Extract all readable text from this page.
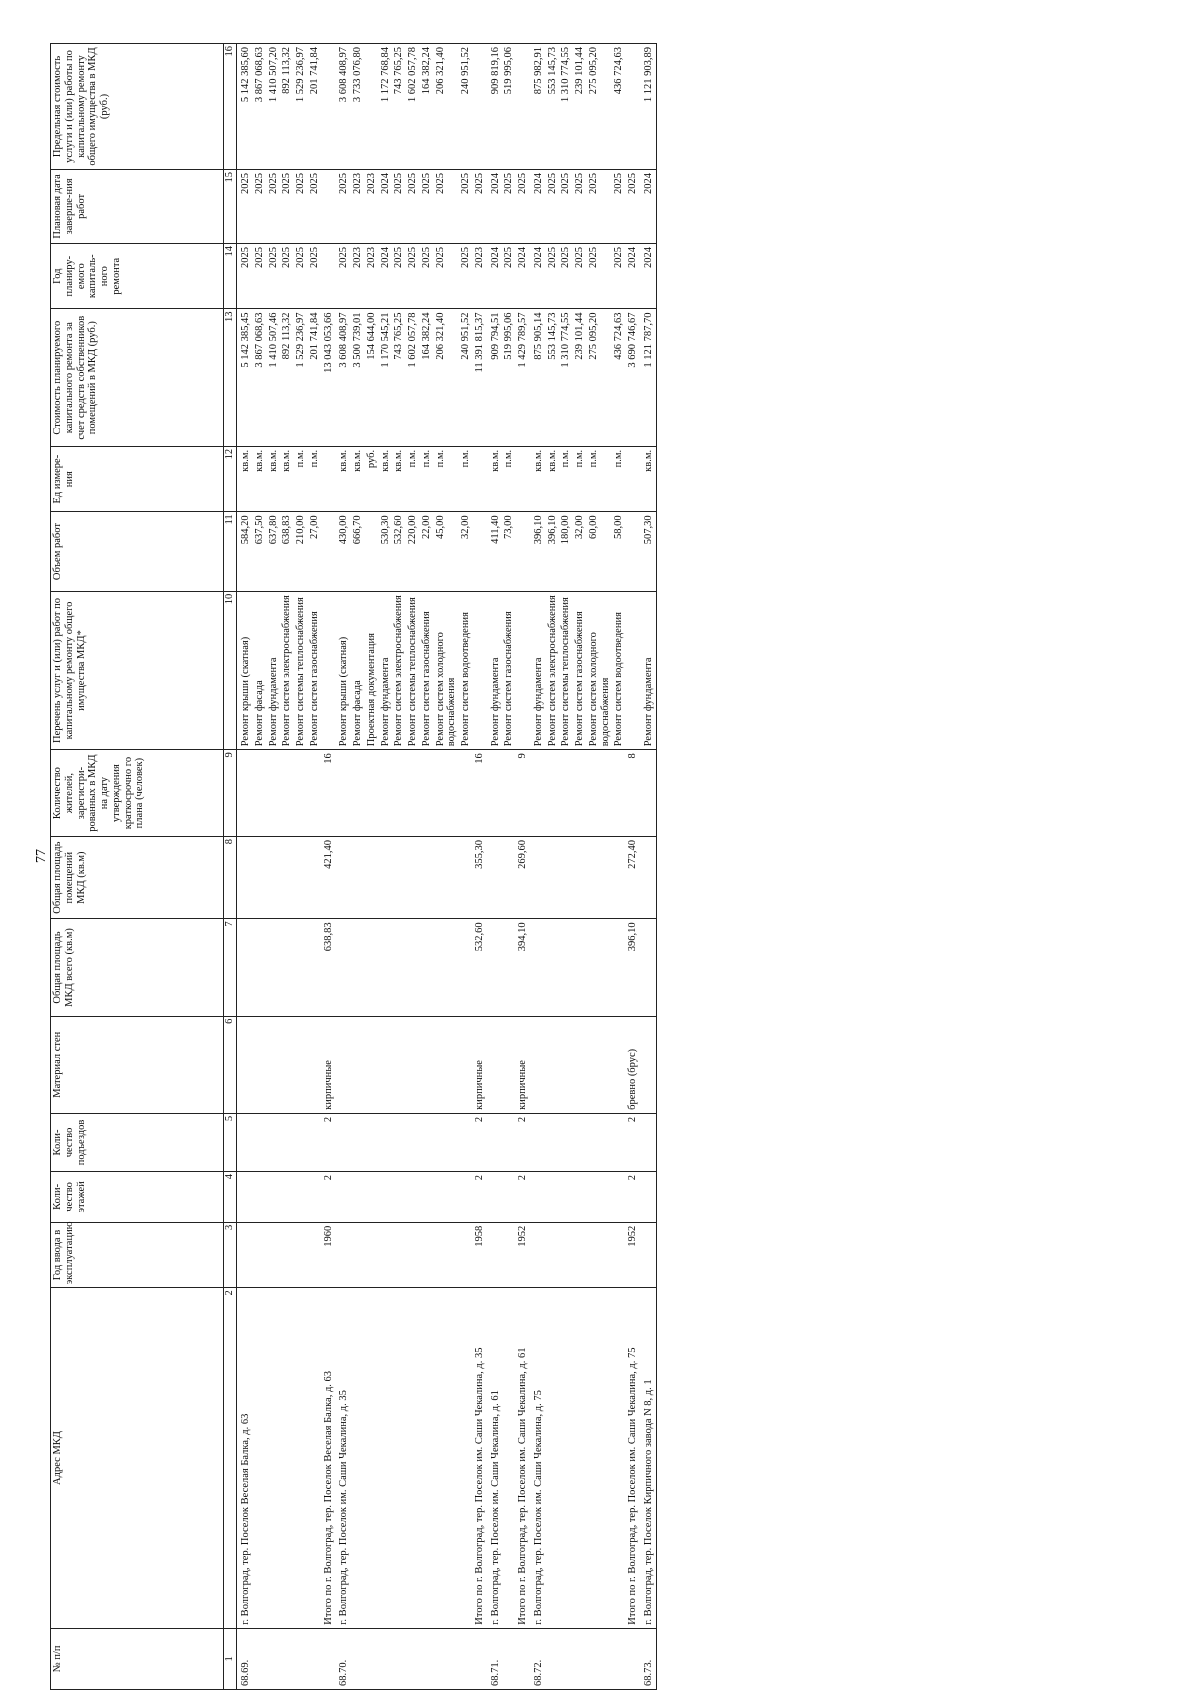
77
№ п/п	Адрес МКД	Год ввода в эксплуатацию	Коли-чество этажей	Коли-чество подъездов	Материал стен	Общая площадь МКД всего (кв.м)	Общая площадь помещений МКД (кв.м)	Количество жителей, зарегистри-рованных в МКД на дату утверждения краткосрочно го плана (человек)	Перечень услуг и (или) работ по капитальному ремонту общего имущества МКД*	Объем работ	Ед измере-ния	Стоимость планируемого капитального ремонта за счет средств собственников помещений в МКД (руб.)	Год планиру-емого капиталь-ного ремонта	Плановая дата заверше-ния работ	Предельная стоимость услуги и (или) работы по капитальному ремонту общего имущества в МКД (руб.)
1	2	3	4	5	6	7	8	9	10	11	12	13	14	15	16
68.69.	г. Волгоград, тер. Поселок Веселая Балка, д. 63								Ремонт крыши (скатная)	584,20	кв.м.	5 142 385,45	2025	2025	5 142 385,60
									Ремонт фасада	637,50	кв.м.	3 867 068,63	2025	2025	3 867 068,63
									Ремонт фундамента	637,80	кв.м.	1 410 507,46	2025	2025	1 410 507,20
									Ремонт систем электроснабжения	638,83	кв.м.	892 113,32	2025	2025	892 113,32
									Ремонт системы теплоснабжения	210,00	п.м.	1 529 236,97	2025	2025	1 529 236,97
									Ремонт систем газоснабжения	27,00	п.м.	201 741,84	2025	2025	201 741,84
	Итого по г. Волгоград, тер. Поселок Веселая Балка, д. 63	1960	2	2	кирпичные	638,83	421,40	16				13 043 053,66			
68.70.	г. Волгоград, тер. Поселок им. Саши Чекалина, д. 35								Ремонт крыши (скатная)	430,00	кв.м.	3 608 408,97	2025	2025	3 608 408,97
									Ремонт фасада	666,70	кв.м.	3 500 739,01	2023	2023	3 733 076,80
									Проектная документация		руб.	154 644,00	2023	2023	
									Ремонт фундамента	530,30	кв.м.	1 170 545,21	2024	2024	1 172 768,84
									Ремонт систем электроснабжения	532,60	кв.м.	743 765,25	2025	2025	743 765,25
									Ремонт системы теплоснабжения	220,00	п.м.	1 602 057,78	2025	2025	1 602 057,78
									Ремонт систем газоснабжения	22,00	п.м.	164 382,24	2025	2025	164 382,24
									Ремонт систем холодного водоснабжения	45,00	п.м.	206 321,40	2025	2025	206 321,40
									Ремонт систем водоотведения	32,00	п.м.	240 951,52	2025	2025	240 951,52
	Итого по г. Волгоград, тер. Поселок им. Саши Чекалина, д. 35	1958	2	2	кирпичные	532,60	355,30	16				11 391 815,37	2023	2025	
68.71.	г. Волгоград, тер. Поселок им. Саши Чекалина, д. 61								Ремонт фундамента	411,40	кв.м.	909 794,51	2024	2024	909 819,16
									Ремонт систем газоснабжения	73,00	п.м.	519 995,06	2025	2025	519 995,06
	Итого по г. Волгоград, тер. Поселок им. Саши Чекалина, д. 61	1952	2	2	кирпичные	394,10	269,60	9				1 429 789,57	2024	2025	
68.72.	г. Волгоград, тер. Поселок им. Саши Чекалина, д. 75								Ремонт фундамента	396,10	кв.м.	875 905,14	2024	2024	875 982,91
									Ремонт систем электроснабжения	396,10	кв.м.	553 145,73	2025	2025	553 145,73
									Ремонт системы теплоснабжения	180,00	п.м.	1 310 774,55	2025	2025	1 310 774,55
									Ремонт систем газоснабжения	32,00	п.м.	239 101,44	2025	2025	239 101,44
									Ремонт систем холодного водоснабжения	60,00	п.м.	275 095,20	2025	2025	275 095,20
									Ремонт систем водоотведения	58,00	п.м.	436 724,63	2025	2025	436 724,63
	Итого по г. Волгоград, тер. Поселок им. Саши Чекалина, д. 75	1952	2	2	бревно (брус)	396,10	272,40	8				3 690 746,67	2024	2025	
68.73.	г. Волгоград, тер. Поселок Кирпичного завода N 8, д. 1								Ремонт фундамента	507,30	кв.м.	1 121 787,70	2024	2024	1 121 903,89
